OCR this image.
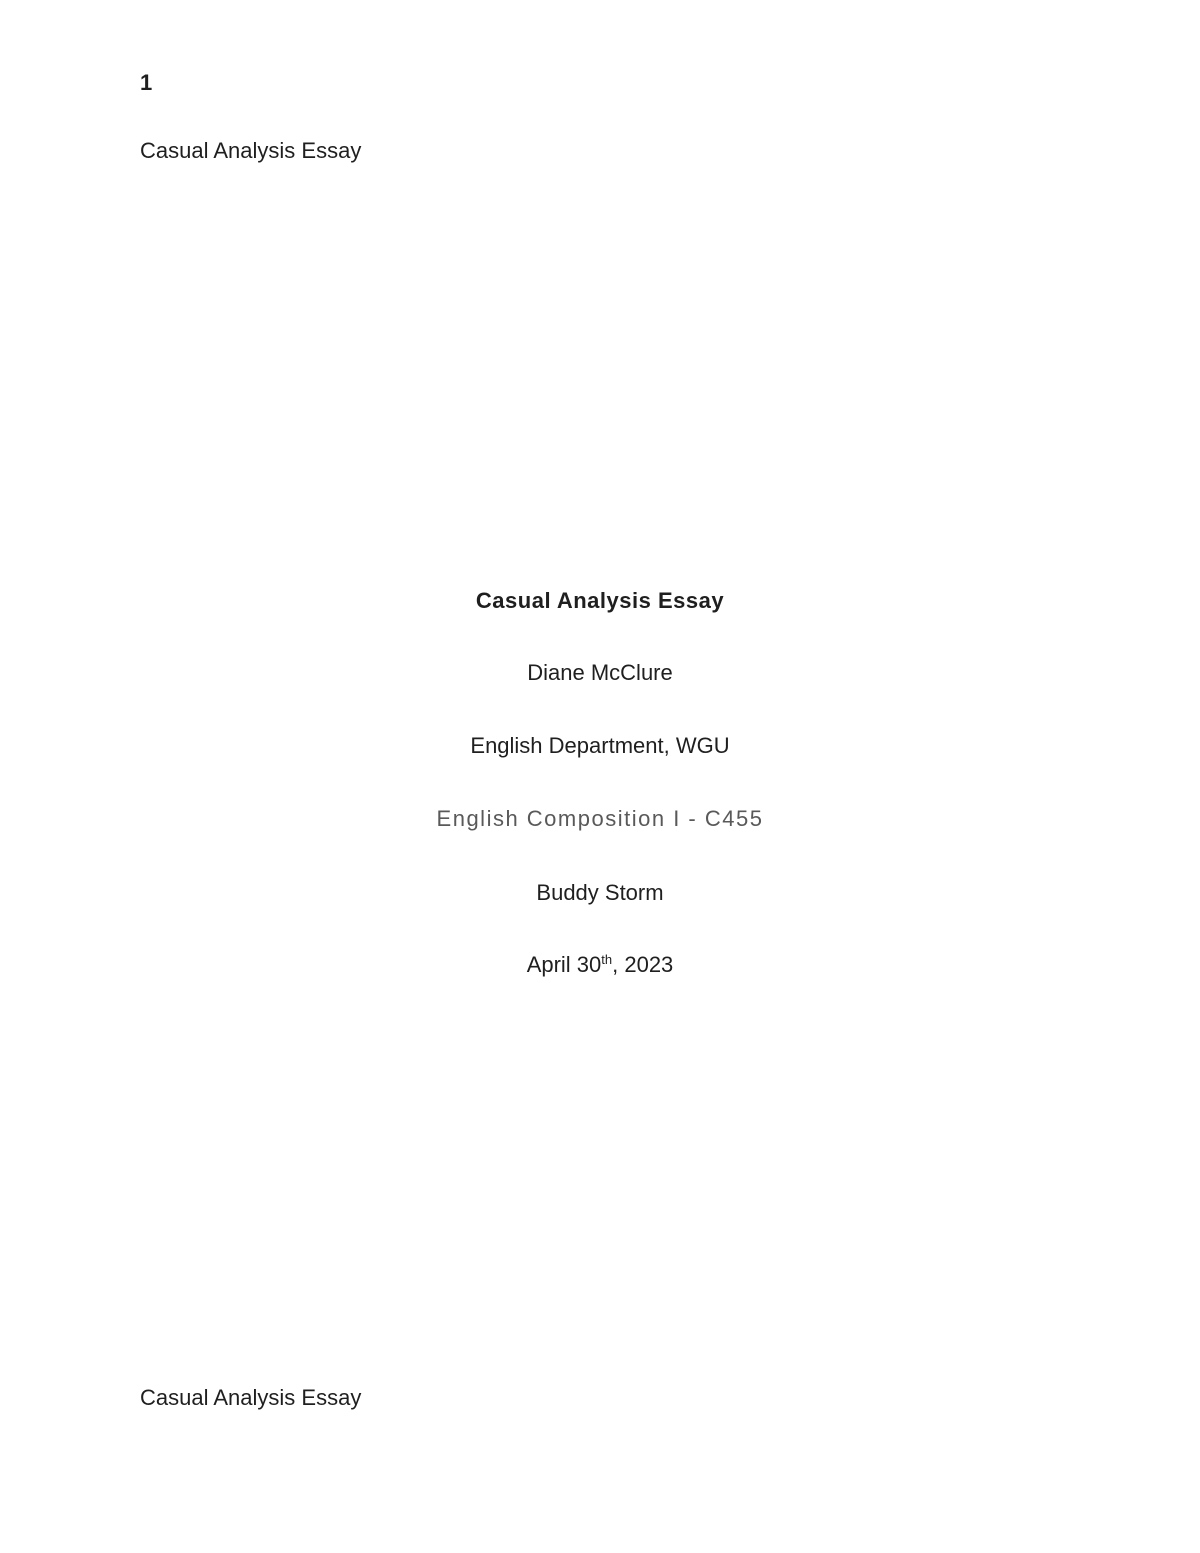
1
Casual Analysis Essay
Casual Analysis Essay
Diane McClure
English Department, WGU
English Composition I - C455
Buddy Storm
April 30th, 2023
Casual Analysis Essay
